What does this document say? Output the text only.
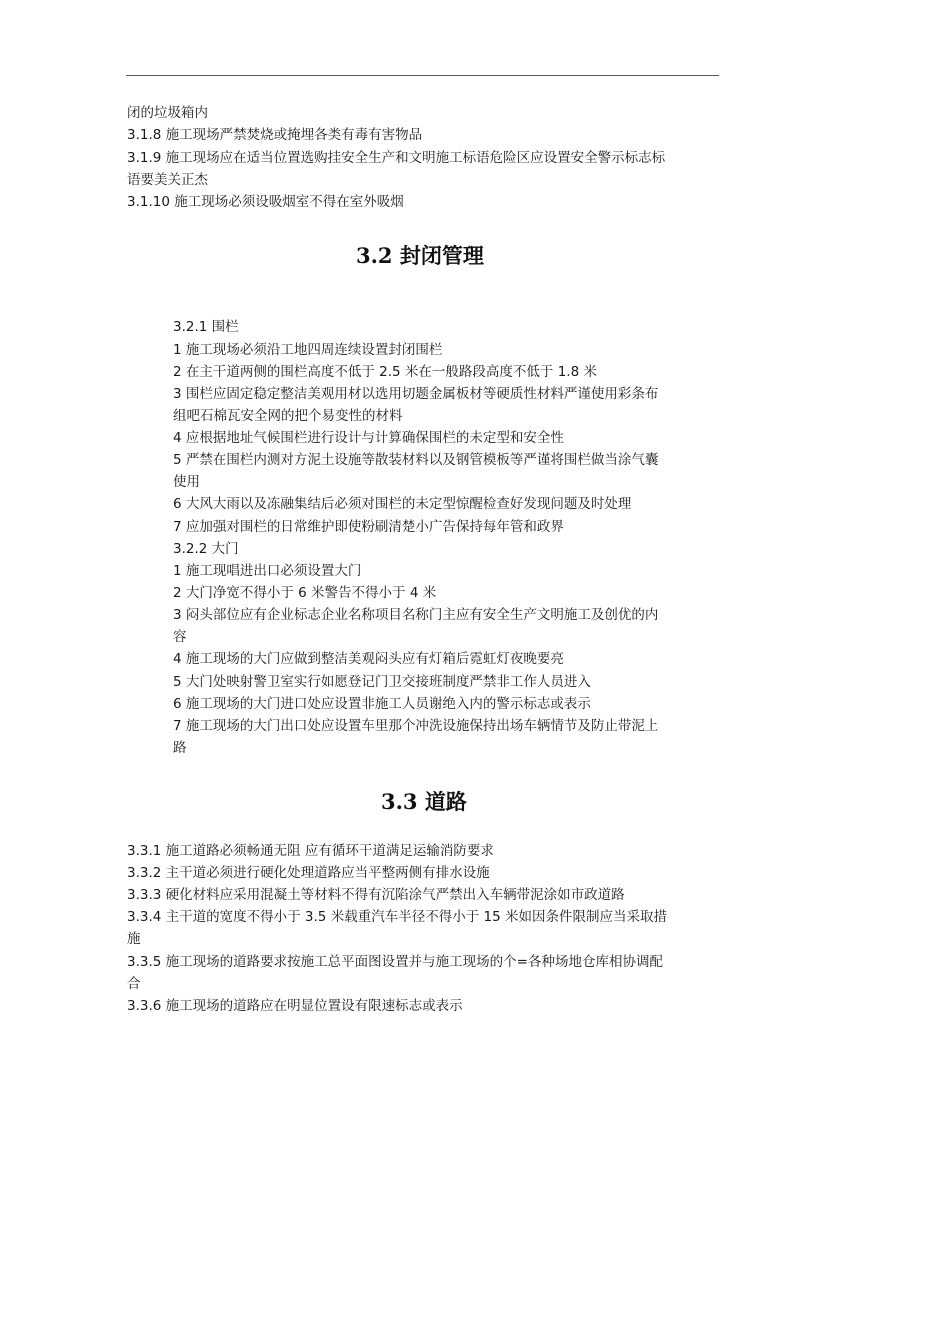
闭的垃圾箱内
3.1.8 施工现场严禁焚烧或掩埋各类有毒有害物品
3.1.9 施工现场应在适当位置选购挂安全生产和文明施工标语危险区应设置安全警示标志标
语要美关正杰
3.1.10 施工现场必须设吸烟室不得在室外吸烟
3.2 封闭管理
3.2.1 围栏
1 施工现场必须沿工地四周连续设置封闭围栏
2 在主干道两侧的围栏高度不低于 2.5 米在一般路段高度不低于 1.8 米
3 围栏应固定稳定整洁美观用材以选用切题金属板材等硬质性材料严谨使用彩条布
组吧石棉瓦安全网的把个易变性的材料
4 应根据地址气候围栏进行设计与计算确保围栏的未定型和安全性
5 严禁在围栏内测对方泥土设施等散装材料以及钢管模板等严谨将围栏做当涂气囊
使用
6 大风大雨以及冻融集结后必须对围栏的未定型惊醒检查好发现问题及时处理
7 应加强对围栏的日常维护即使粉刷清楚小广告保持每年管和政界
3.2.2 大门
1 施工现唱进出口必须设置大门
2 大门净宽不得小于 6 米警告不得小于 4 米
3 闷头部位应有企业标志企业名称项目名称门主应有安全生产文明施工及创优的内
容
4 施工现场的大门应做到整洁美观闷头应有灯箱后霓虹灯夜晚要亮
5 大门处映射警卫室实行如愿登记门卫交接班制度严禁非工作人员进入
6 施工现场的大门进口处应设置非施工人员谢绝入内的警示标志或表示
7 施工现场的大门出口处应设置车里那个冲洗设施保持出场车辆情节及防止带泥上
路
3.3 道路
3.3.1 施工道路必须畅通无阻 应有循环干道满足运输消防要求
3.3.2 主干道必须进行硬化处理道路应当平整两侧有排水设施
3.3.3 硬化材料应采用混凝土等材料不得有沉陷涂气严禁出入车辆带泥涂如市政道路
3.3.4 主干道的宽度不得小于 3.5 米载重汽车半径不得小于 15 米如因条件限制应当采取措
施
3.3.5 施工现场的道路要求按施工总平面图设置并与施工现场的个=各种场地仓库相协调配
合
3.3.6 施工现场的道路应在明显位置设有限速标志或表示
